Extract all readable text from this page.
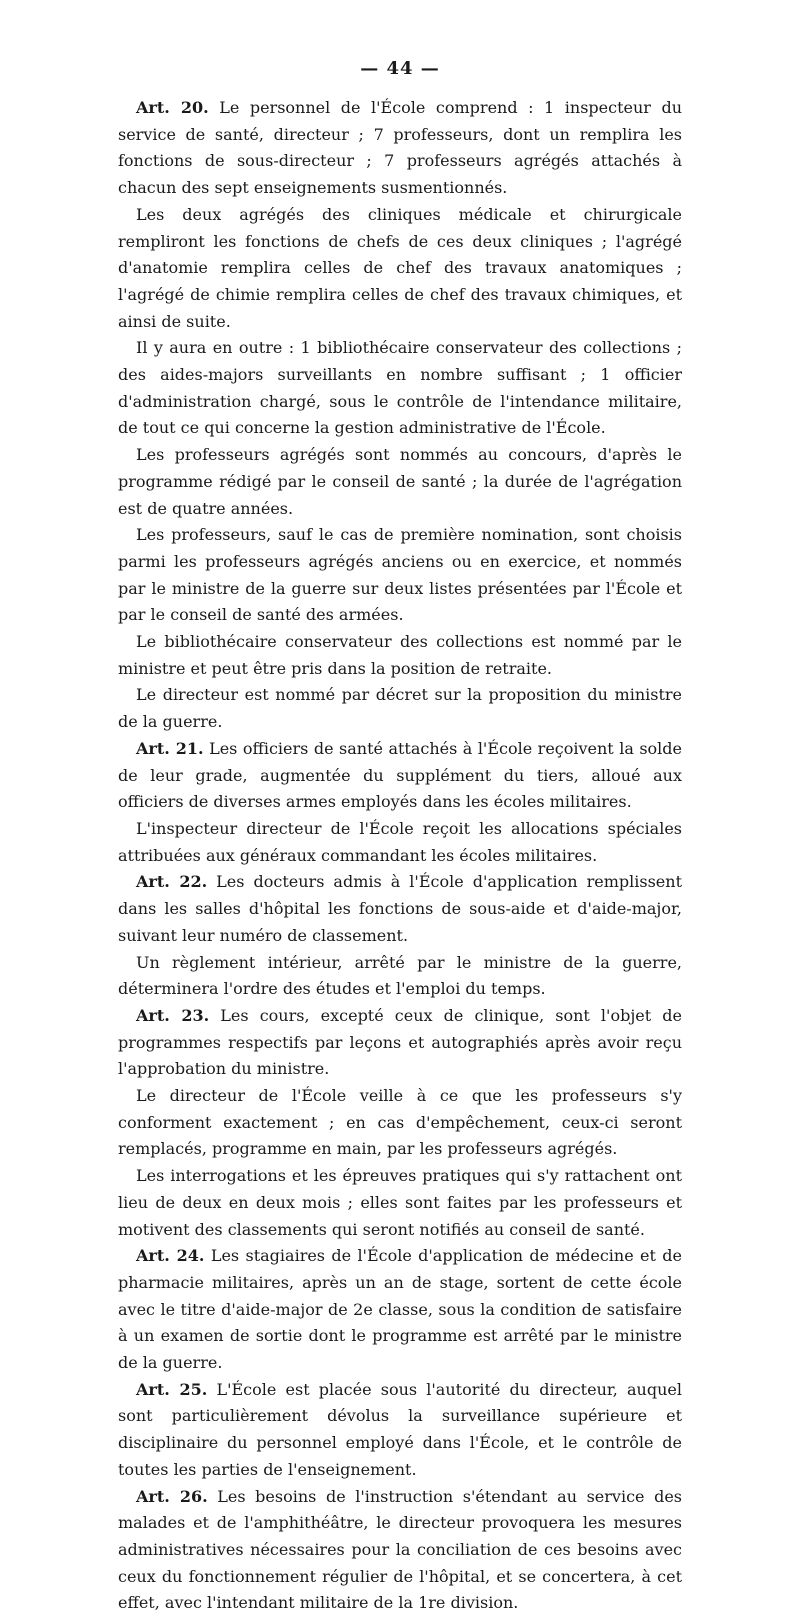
— 44 —

Art. 20. Le personnel de l'École comprend : 1 inspecteur du service de santé, directeur ; 7 professeurs, dont un remplira les fonctions de sous-directeur ; 7 professeurs agrégés attachés à chacun des sept enseignements susmentionnés.

Les deux agrégés des cliniques médicale et chirurgicale rempliront les fonctions de chefs de ces deux cliniques ; l'agrégé d'anatomie remplira celles de chef des travaux anatomiques ; l'agrégé de chimie remplira celles de chef des travaux chimiques, et ainsi de suite.

Il y aura en outre : 1 bibliothécaire conservateur des collections ; des aides-majors surveillants en nombre suffisant ; 1 officier d'administration chargé, sous le contrôle de l'intendance militaire, de tout ce qui concerne la gestion administrative de l'École.

Les professeurs agrégés sont nommés au concours, d'après le programme rédigé par le conseil de santé ; la durée de l'agrégation est de quatre années.

Les professeurs, sauf le cas de première nomination, sont choisis parmi les professeurs agrégés anciens ou en exercice, et nommés par le ministre de la guerre sur deux listes présentées par l'École et par le conseil de santé des armées.

Le bibliothécaire conservateur des collections est nommé par le ministre et peut être pris dans la position de retraite.

Le directeur est nommé par décret sur la proposition du ministre de la guerre.

Art. 21. Les officiers de santé attachés à l'École reçoivent la solde de leur grade, augmentée du supplément du tiers, alloué aux officiers de diverses armes employés dans les écoles militaires.

L'inspecteur directeur de l'École reçoit les allocations spéciales attribuées aux généraux commandant les écoles militaires.

Art. 22. Les docteurs admis à l'École d'application remplissent dans les salles d'hôpital les fonctions de sous-aide et d'aide-major, suivant leur numéro de classement.

Un règlement intérieur, arrêté par le ministre de la guerre, déterminera l'ordre des études et l'emploi du temps.

Art. 23. Les cours, excepté ceux de clinique, sont l'objet de programmes respectifs par leçons et autographiés après avoir reçu l'approbation du ministre.

Le directeur de l'École veille à ce que les professeurs s'y conforment exactement ; en cas d'empêchement, ceux-ci seront remplacés, programme en main, par les professeurs agrégés.

Les interrogations et les épreuves pratiques qui s'y rattachent ont lieu de deux en deux mois ; elles sont faites par les professeurs et motivent des classements qui seront notifiés au conseil de santé.

Art. 24. Les stagiaires de l'École d'application de médecine et de pharmacie militaires, après un an de stage, sortent de cette école avec le titre d'aide-major de 2e classe, sous la condition de satisfaire à un examen de sortie dont le programme est arrêté par le ministre de la guerre.

Art. 25. L'École est placée sous l'autorité du directeur, auquel sont particulièrement dévolus la surveillance supérieure et disciplinaire du personnel employé dans l'École, et le contrôle de toutes les parties de l'enseignement.

Art. 26. Les besoins de l'instruction s'étendant au service des malades et de l'amphithéâtre, le directeur provoquera les mesures administratives nécessaires pour la conciliation de ces besoins avec ceux du fonctionnement régulier de l'hôpital, et se concertera, à cet effet, avec l'intendant militaire de la 1re division.
